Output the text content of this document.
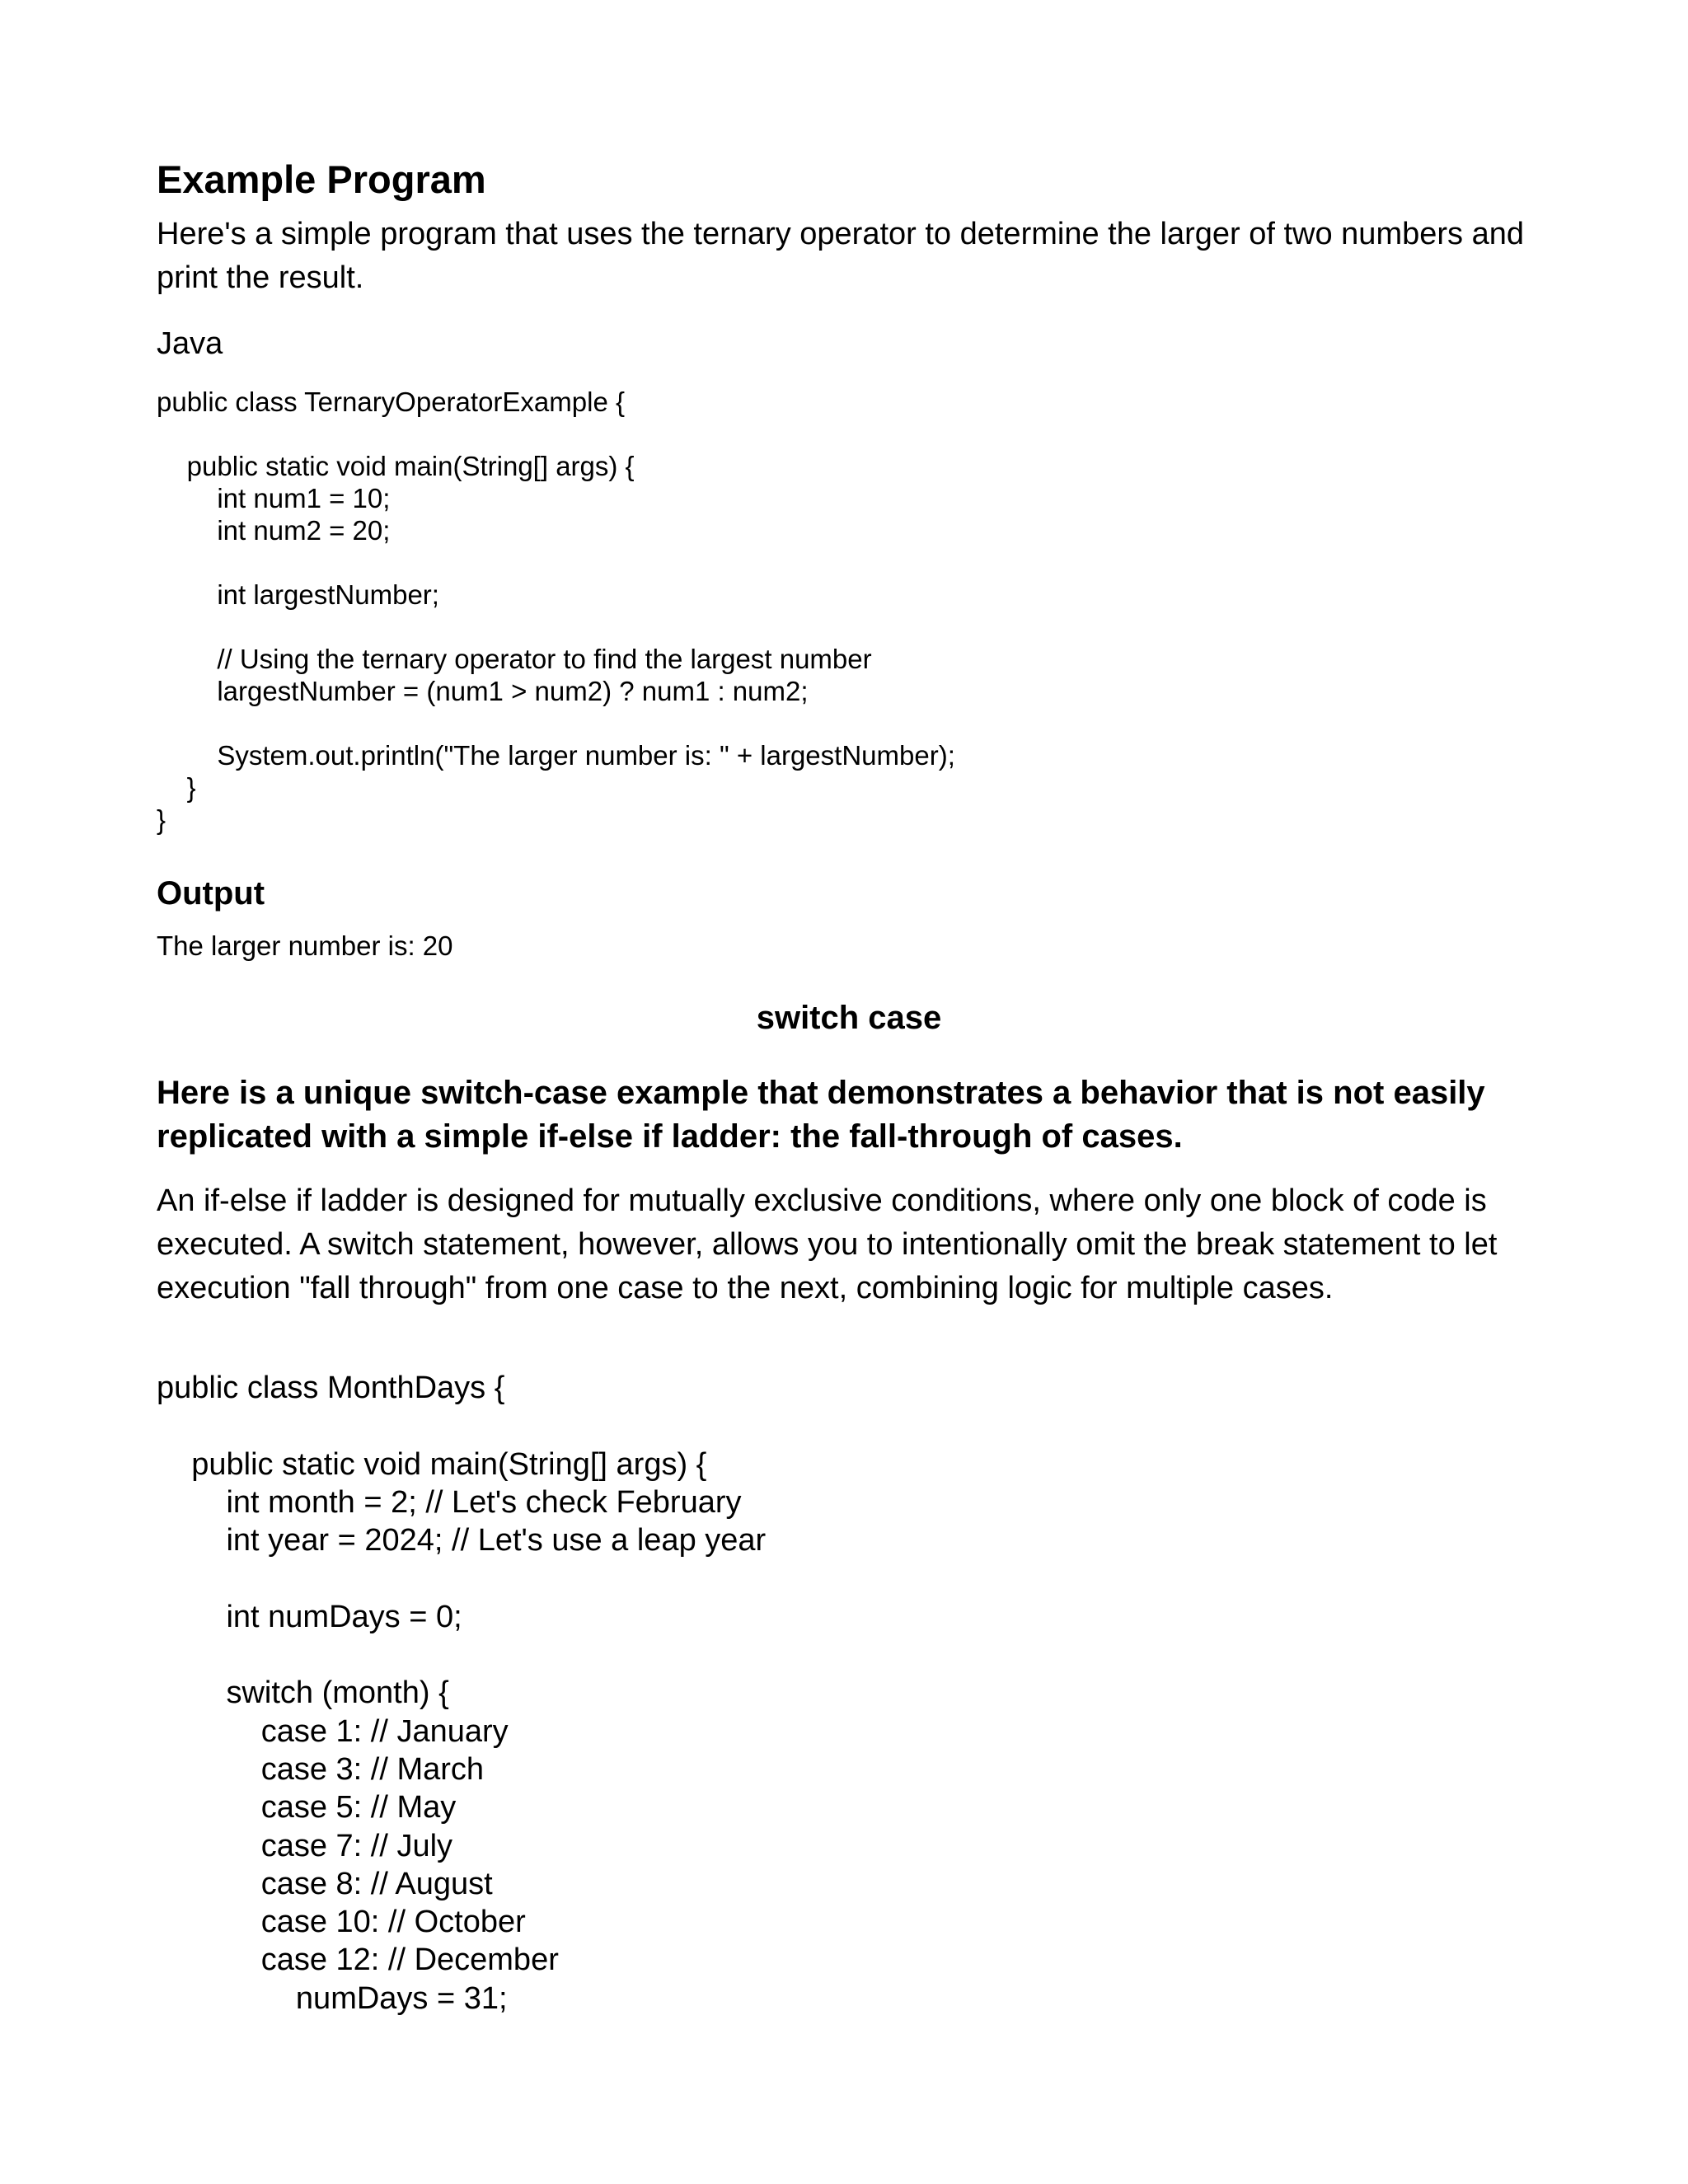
Example Program

Here's a simple program that uses the ternary operator to determine the larger of two numbers and print the result.

Java
public class TernaryOperatorExample {

public static void main(String[] args) {
int num1 = 10;
int num2 = 20;

int largestNumber;

// Using the ternary operator to find the largest number
largestNumber = (num1 > num2) ? num1 : num2;

System.out.println("The larger number is: " + largestNumber);
}
}
Output
The larger number is: 20
switch case

Here is a unique switch-case example that demonstrates a behavior that is not easily replicated with a simple if-else if ladder: the fall-through of cases.

An if-else if ladder is designed for mutually exclusive conditions, where only one block of code is executed. A switch statement, however, allows you to intentionally omit the break statement to let execution "fall through" from one case to the next, combining logic for multiple cases.

public class MonthDays {

public static void main(String[] args) {
int month = 2; // Let's check February
int year = 2024; // Let's use a leap year

int numDays = 0;

switch (month) {
case 1: // January
case 3: // March
case 5: // May
case 7: // July
case 8: // August
case 10: // October
case 12: // December
numDays = 31;
